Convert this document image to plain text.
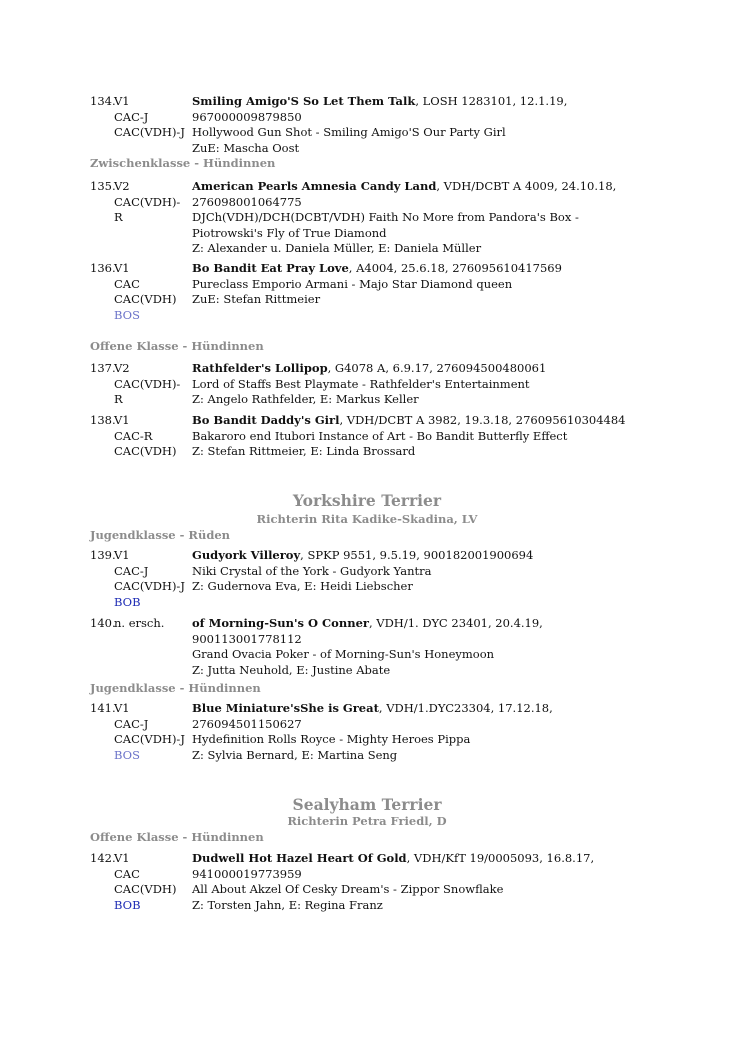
134.
V1
CAC-J
CAC(VDH)-J
Smiling Amigo'S So Let Them Talk, LOSH 1283101, 12.1.19, 967000009879850
Hollywood Gun Shot - Smiling Amigo'S Our Party Girl
ZuE: Mascha Oost
Zwischenklasse - Hündinnen
135.
V2
CAC(VDH)-
R
American Pearls Amnesia Candy Land, VDH/DCBT A 4009, 24.10.18, 276098001064775
DJCh(VDH)/DCH(DCBT/VDH) Faith No More from Pandora's Box - Piotrowski's Fly of True Diamond
Z: Alexander u. Daniela Müller, E: Daniela Müller
136.
V1
CAC
CAC(VDH)
BOS
Bo Bandit Eat Pray Love, A4004, 25.6.18, 276095610417569
Pureclass Emporio Armani - Majo Star Diamond queen
ZuE: Stefan Rittmeier
Offene Klasse - Hündinnen
137.
V2
CAC(VDH)-
R
Rathfelder's Lollipop, G4078 A, 6.9.17, 276094500480061
Lord of Staffs Best Playmate - Rathfelder's Entertainment
Z: Angelo Rathfelder, E: Markus Keller
138.
V1
CAC-R
CAC(VDH)
Bo Bandit Daddy's Girl, VDH/DCBT A 3982, 19.3.18, 276095610304484
Bakaroro end Itubori Instance of Art - Bo Bandit Butterfly Effect
Z: Stefan Rittmeier, E: Linda Brossard
Yorkshire Terrier
Richterin Rita Kadike-Skadina, LV
Jugendklasse - Rüden
139.
V1
CAC-J
CAC(VDH)-J
BOB
Gudyork Villeroy, SPKP 9551, 9.5.19, 900182001900694
Niki Crystal of the York - Gudyork Yantra
Z: Gudernova Eva, E: Heidi Liebscher
140.
n. ersch.	of Morning-Sun's O Conner, VDH/1. DYC 23401, 20.4.19, 900113001778112
Grand Ovacia Poker - of Morning-Sun's Honeymoon
Z: Jutta Neuhold, E: Justine Abate
Jugendklasse - Hündinnen
141.
V1
CAC-J
CAC(VDH)-J
BOS
Blue Miniature'sShe is Great, VDH/1.DYC23304, 17.12.18, 276094501150627
Hydefinition Rolls Royce - Mighty Heroes Pippa
Z: Sylvia Bernard, E: Martina Seng
Sealyham Terrier
Richterin Petra Friedl, D
Offene Klasse - Hündinnen
142.
V1
CAC
CAC(VDH)
BOB
Dudwell Hot Hazel Heart Of Gold, VDH/KfT 19/0005093, 16.8.17, 941000019773959
All About Akzel Of Cesky Dream's - Zippor Snowflake
Z: Torsten Jahn, E: Regina Franz
